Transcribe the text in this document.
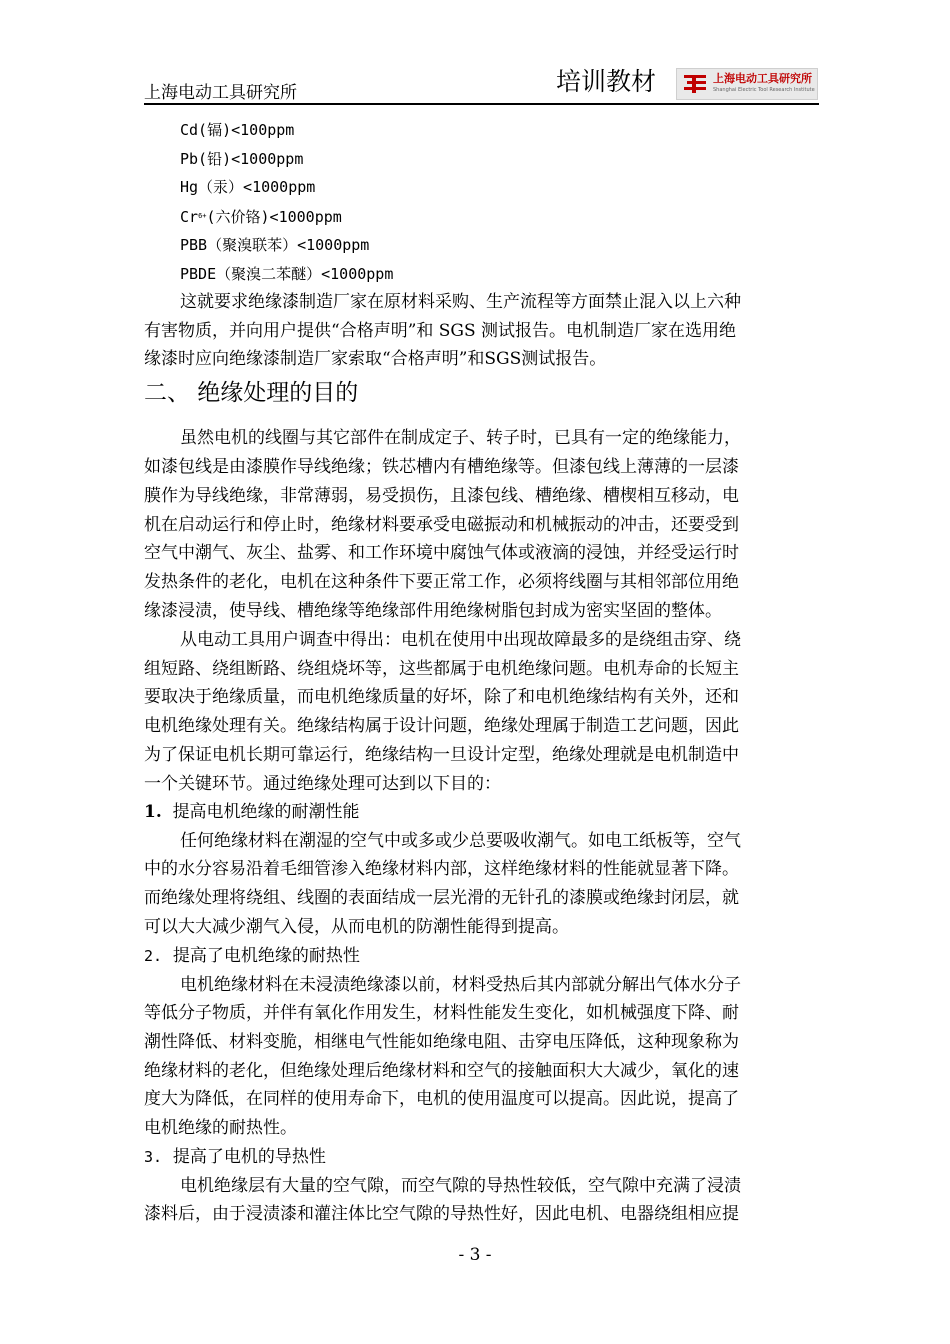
上海电动工具研究所	培训教材	上海电动工具研究所
Shanghai Electric Tool Research Institute
Cd(镉)<100ppm
Pb(铅)<1000ppm
Hg（汞）<1000ppm
$Cr^{6+}$(六价铬)<1000ppm
PBB（聚溴联苯）<1000ppm
PBDE（聚溴二苯醚）<1000ppm
这就要求绝缘漆制造厂家在原材料采购、生产流程等方面禁止混入以上六种
有害物质，并向用户提供“合格声明”和 SGS 测试报告。电机制造厂家在选用绝
缘漆时应向绝缘漆制造厂家索取“合格声明”和SGS测试报告。
二、 绝缘处理的目的
虽然电机的线圈与其它部件在制成定子、转子时，已具有一定的绝缘能力，
如漆包线是由漆膜作导线绝缘；铁芯槽内有槽绝缘等。但漆包线上薄薄的一层漆
膜作为导线绝缘，非常薄弱，易受损伤，且漆包线、槽绝缘、槽楔相互移动，电
机在启动运行和停止时，绝缘材料要承受电磁振动和机械振动的冲击，还要受到
空气中潮气、灰尘、盐雾、和工作环境中腐蚀气体或液滴的浸蚀，并经受运行时
发热条件的老化，电机在这种条件下要正常工作，必须将线圈与其相邻部位用绝
缘漆浸渍，使导线、槽绝缘等绝缘部件用绝缘树脂包封成为密实坚固的整体。
从电动工具用户调查中得出：电机在使用中出现故障最多的是绕组击穿、绕
组短路、绕组断路、绕组烧坏等，这些都属于电机绝缘问题。电机寿命的长短主
要取决于绝缘质量，而电机绝缘质量的好坏，除了和电机绝缘结构有关外，还和
电机绝缘处理有关。绝缘结构属于设计问题，绝缘处理属于制造工艺问题，因此
为了保证电机长期可靠运行，绝缘结构一旦设计定型，绝缘处理就是电机制造中
一个关键环节。通过绝缘处理可达到以下目的：
1. 提高电机绝缘的耐潮性能
任何绝缘材料在潮湿的空气中或多或少总要吸收潮气。如电工纸板等，空气
中的水分容易沿着毛细管渗入绝缘材料内部，这样绝缘材料的性能就显著下降。
而绝缘处理将绕组、线圈的表面结成一层光滑的无针孔的漆膜或绝缘封闭层，就
可以大大减少潮气入侵，从而电机的防潮性能得到提高。
2. 提高了电机绝缘的耐热性
电机绝缘材料在未浸渍绝缘漆以前，材料受热后其内部就分解出气体水分子
等低分子物质，并伴有氧化作用发生，材料性能发生变化，如机械强度下降、耐
潮性降低、材料变脆，相继电气性能如绝缘电阻、击穿电压降低，这种现象称为
绝缘材料的老化，但绝缘处理后绝缘材料和空气的接触面积大大减少，氧化的速
度大为降低，在同样的使用寿命下，电机的使用温度可以提高。因此说，提高了
电机绝缘的耐热性。
3. 提高了电机的导热性
电机绝缘层有大量的空气隙，而空气隙的导热性较低，空气隙中充满了浸渍
漆料后，由于浸渍漆和灌注体比空气隙的导热性好，因此电机、电器绕组相应提
- 3 -
